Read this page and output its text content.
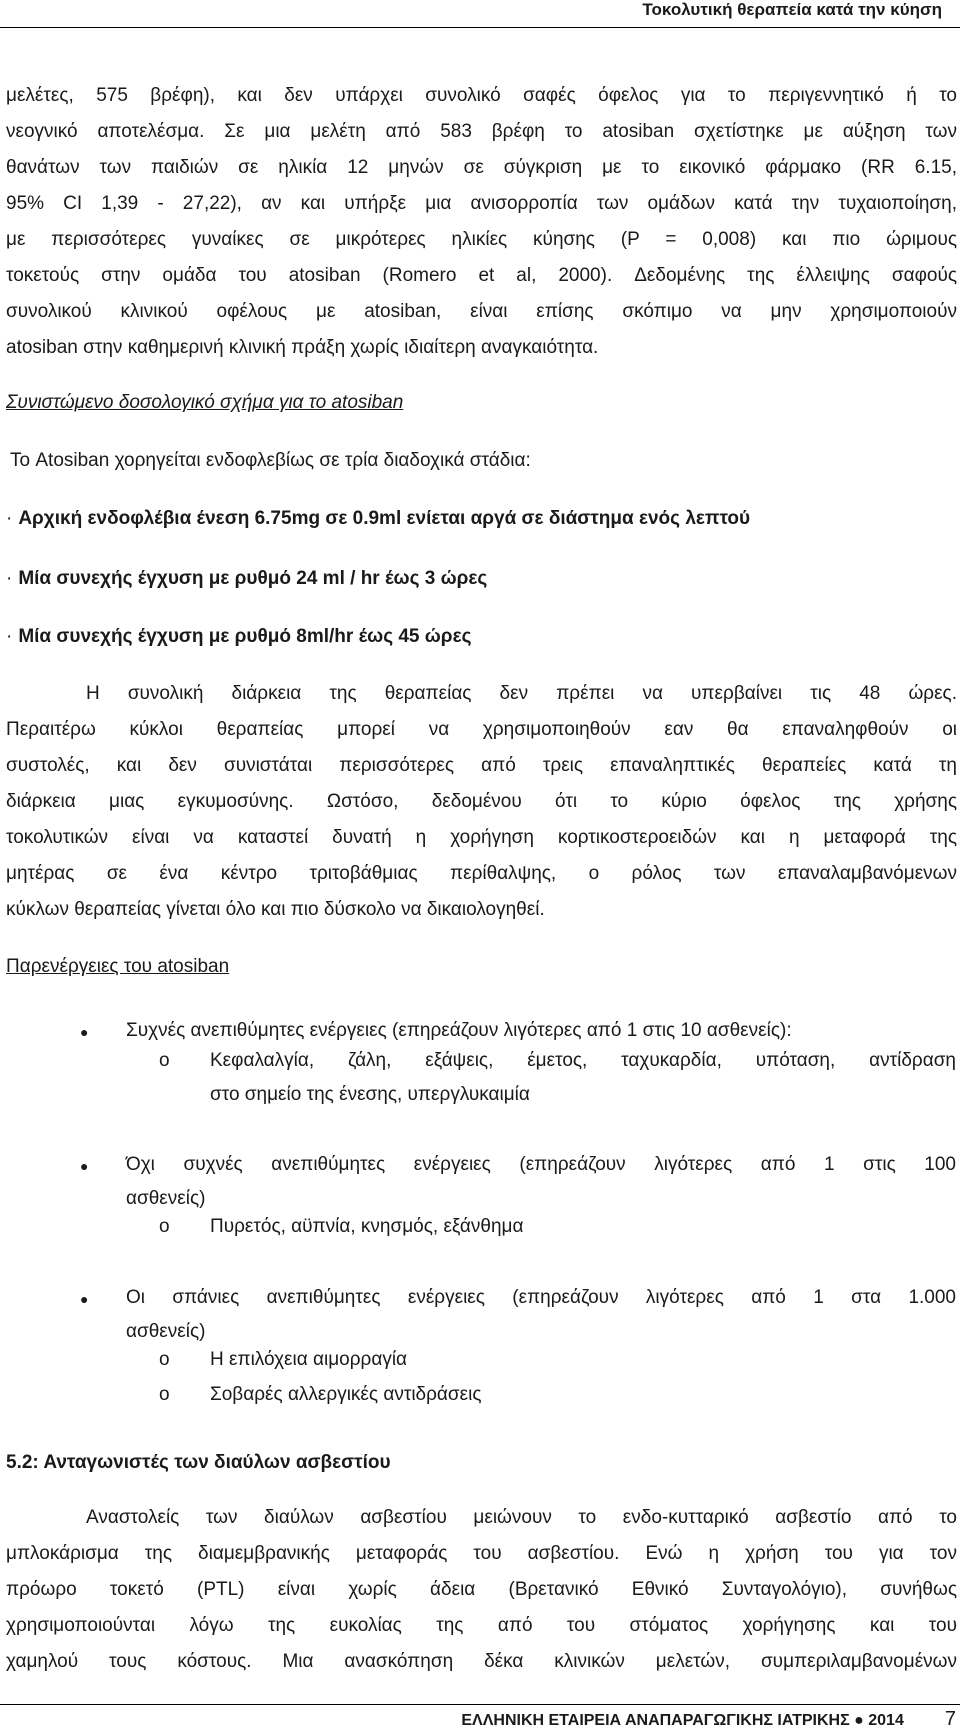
Τοκολυτική θεραπεία κατά την κύηση
μελέτες, 575 βρέφη), και δεν υπάρχει συνολικό σαφές όφελος για το περιγεννητικό ή το
νεογνικό αποτελέσμα. Σε μια μελέτη από 583 βρέφη το atosiban σχετίστηκε με αύξηση των
θανάτων των παιδιών σε ηλικία 12 μηνών σε σύγκριση με το εικονικό φάρμακο (RR 6.15,
95% CI 1,39 - 27,22), αν και υπήρξε μια ανισορροπία των ομάδων κατά την τυχαιοποίηση,
με περισσότερες γυναίκες σε μικρότερες ηλικίες κύησης (P = 0,008) και πιο ώριμους
τοκετούς στην ομάδα του atosiban (Romero et al, 2000). Δεδομένης της έλλειψης σαφούς
συνολικού κλινικού οφέλους με atosiban, είναι επίσης σκόπιμο να μην χρησιμοποιούν
atosiban στην καθημερινή κλινική πράξη χωρίς ιδιαίτερη αναγκαιότητα.
Συνιστώμενο δοσολογικό σχήμα για το atosiban
Το Atosiban χορηγείται ενδοφλεβίως σε τρία διαδοχικά στάδια:
· Αρχική ενδοφλέβια ένεση 6.75mg σε 0.9ml ενίεται αργά σε διάστημα ενός λεπτού
· Μία συνεχής έγχυση με ρυθμό 24 ml / hr έως 3 ώρες
· Μία συνεχής έγχυση με ρυθμό 8ml/hr έως 45 ώρες
Η συνολική διάρκεια της θεραπείας δεν πρέπει να υπερβαίνει τις 48 ώρες.
Περαιτέρω κύκλοι θεραπείας μπορεί να χρησιμοποιηθούν εαν θα επαναληφθούν οι
συστολές, και δεν συνιστάται περισσότερες από τρεις επαναληπτικές θεραπείες κατά τη
διάρκεια μιας εγκυμοσύνης. Ωστόσο, δεδομένου ότι το κύριο όφελος της χρήσης
τοκολυτικών είναι να καταστεί δυνατή η χορήγηση κορτικοστεροειδών και η μεταφορά της
μητέρας σε ένα κέντρο τριτοβάθμιας περίθαλψης, ο ρόλος των επαναλαμβανόμενων
κύκλων θεραπείας γίνεται όλο και πιο δύσκολο να δικαιολογηθεί.
Παρενέργειες του atosiban
● Συχνές ανεπιθύμητες ενέργειες (επηρεάζουν λιγότερες από 1 στις 10 ασθενείς):
o Κεφαλαλγία, ζάλη, εξάψεις, έμετος, ταχυκαρδία, υπόταση, αντίδραση
στο σημείο της ένεσης, υπεργλυκαιμία
● Όχι συχνές ανεπιθύμητες ενέργειες (επηρεάζουν λιγότερες από 1 στις 100
ασθενείς)
o Πυρετός, αϋπνία, κνησμός, εξάνθημα
● Οι σπάνιες ανεπιθύμητες ενέργειες (επηρεάζουν λιγότερες από 1 στα 1.000
ασθενείς)
o Η επιλόχεια αιμορραγία
o Σοβαρές αλλεργικές αντιδράσεις
5.2: Ανταγωνιστές των διαύλων ασβεστίου
Αναστολείς των διαύλων ασβεστίου μειώνουν το ενδο-κυτταρικό ασβεστίο από το
μπλοκάρισμα της διαμεμβρανικής μεταφοράς του ασβεστίου. Ενώ η χρήση του για τον
πρόωρο τοκετό (PTL) είναι χωρίς άδεια (Βρετανικό Εθνικό Συνταγολόγιο), συνήθως
χρησιμοποιούνται λόγω της ευκολίας της από του στόματος χορήγησης και του
χαμηλού τους κόστους. Μια ανασκόπηση δέκα κλινικών μελετών, συμπεριλαμβανομένων
ΕΛΛΗΝΙΚΗ ΕΤΑΙΡΕΙΑ ΑΝΑΠΑΡΑΓΩΓΙΚΗΣ ΙΑΤΡΙΚΗΣ ● 2014 7
